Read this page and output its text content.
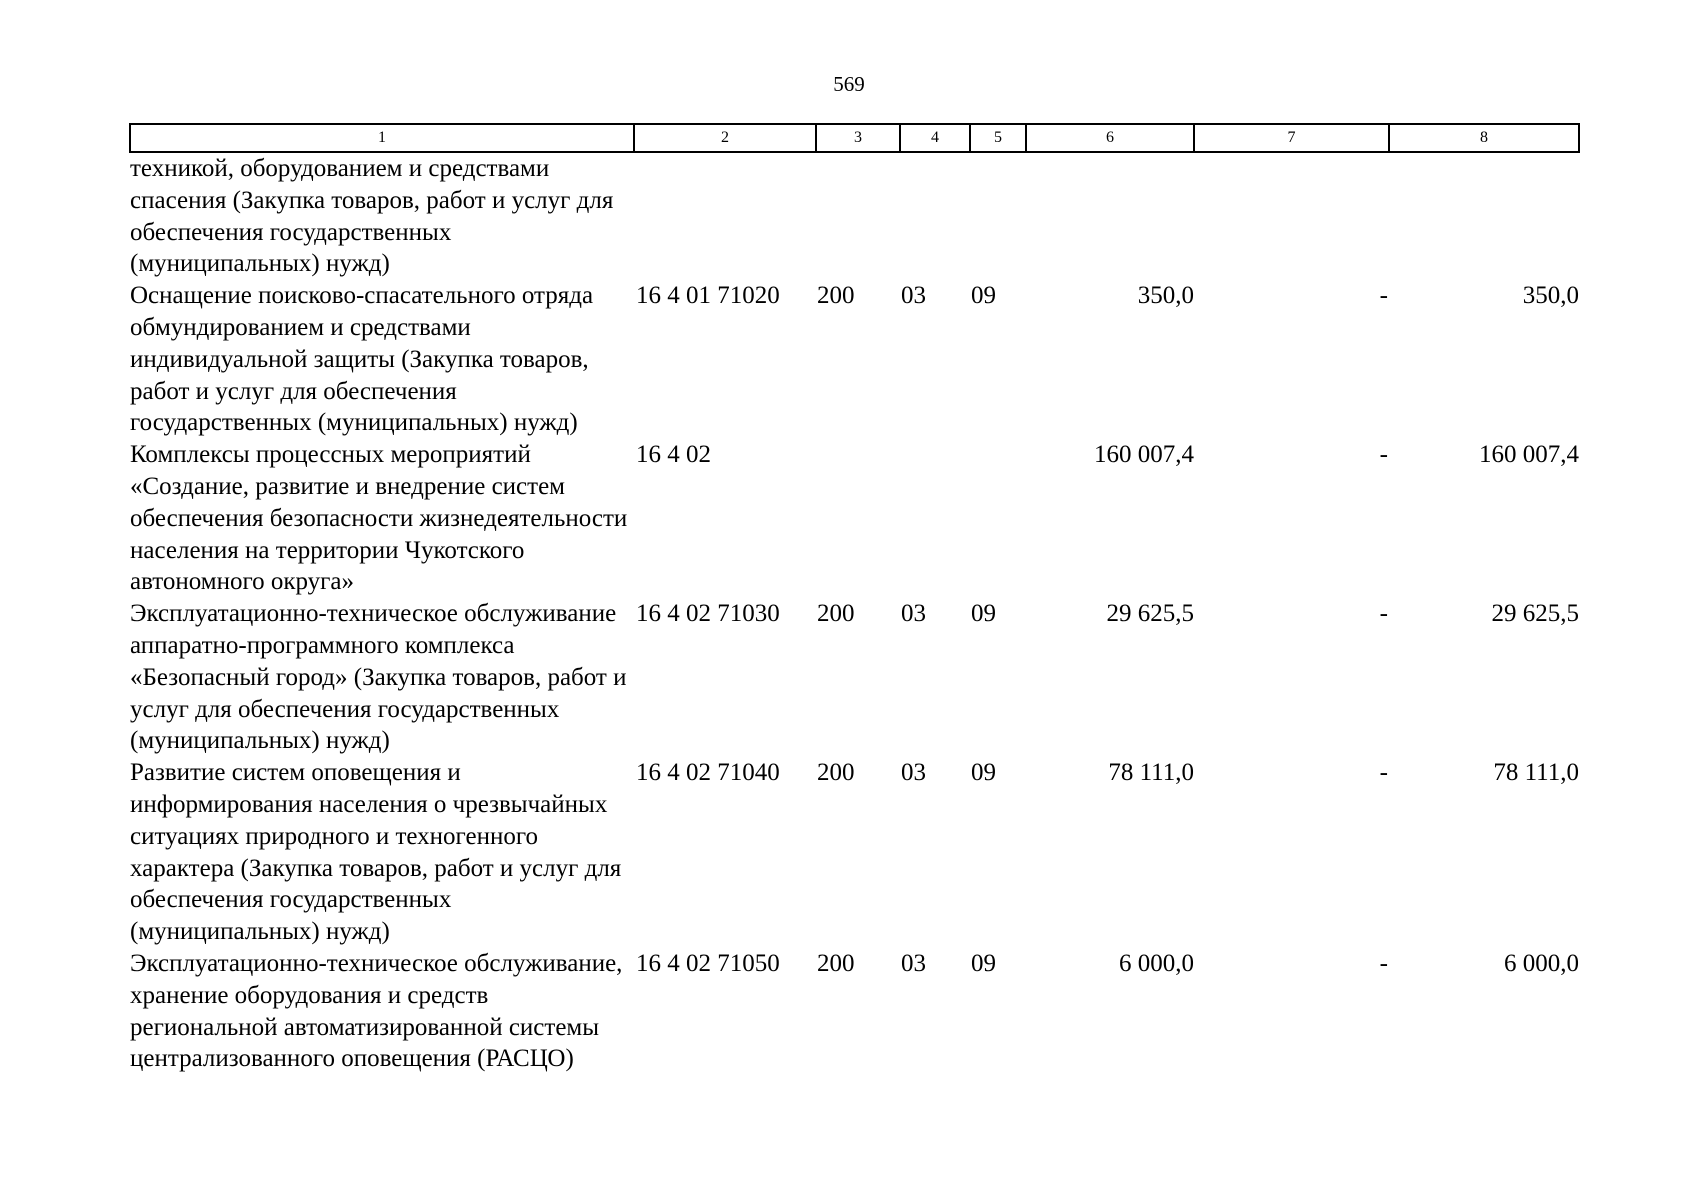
569
1	2	3	4	5	6	7	8
техникой, оборудованием и средствами спасения (Закупка товаров, работ и услуг для обеспечения государственных (муниципальных) нужд)							
Оснащение поисково-спасательного отряда обмундированием и средствами индивидуальной защиты (Закупка товаров, работ и услуг для обеспечения государственных (муниципальных) нужд)	16 4 01 71020	200	03	09	350,0	-	350,0
Комплексы процессных мероприятий «Создание, развитие и внедрение систем обеспечения безопасности жизнедеятельности населения на территории Чукотского автономного округа»	16 4 02				160 007,4	-	160 007,4
Эксплуатационно-техническое обслуживание аппаратно-программного комплекса «Безопасный город» (Закупка товаров, работ и услуг для обеспечения государственных (муниципальных) нужд)	16 4 02 71030	200	03	09	29 625,5	-	29 625,5
Развитие систем оповещения и информирования населения о чрезвычайных ситуациях природного и техногенного характера (Закупка товаров, работ и услуг для обеспечения государственных (муниципальных) нужд)	16 4 02 71040	200	03	09	78 111,0	-	78 111,0
Эксплуатационно-техническое обслуживание, хранение оборудования и средств региональной автоматизированной системы централизованного оповещения (РАСЦО)	16 4 02 71050	200	03	09	6 000,0	-	6 000,0
